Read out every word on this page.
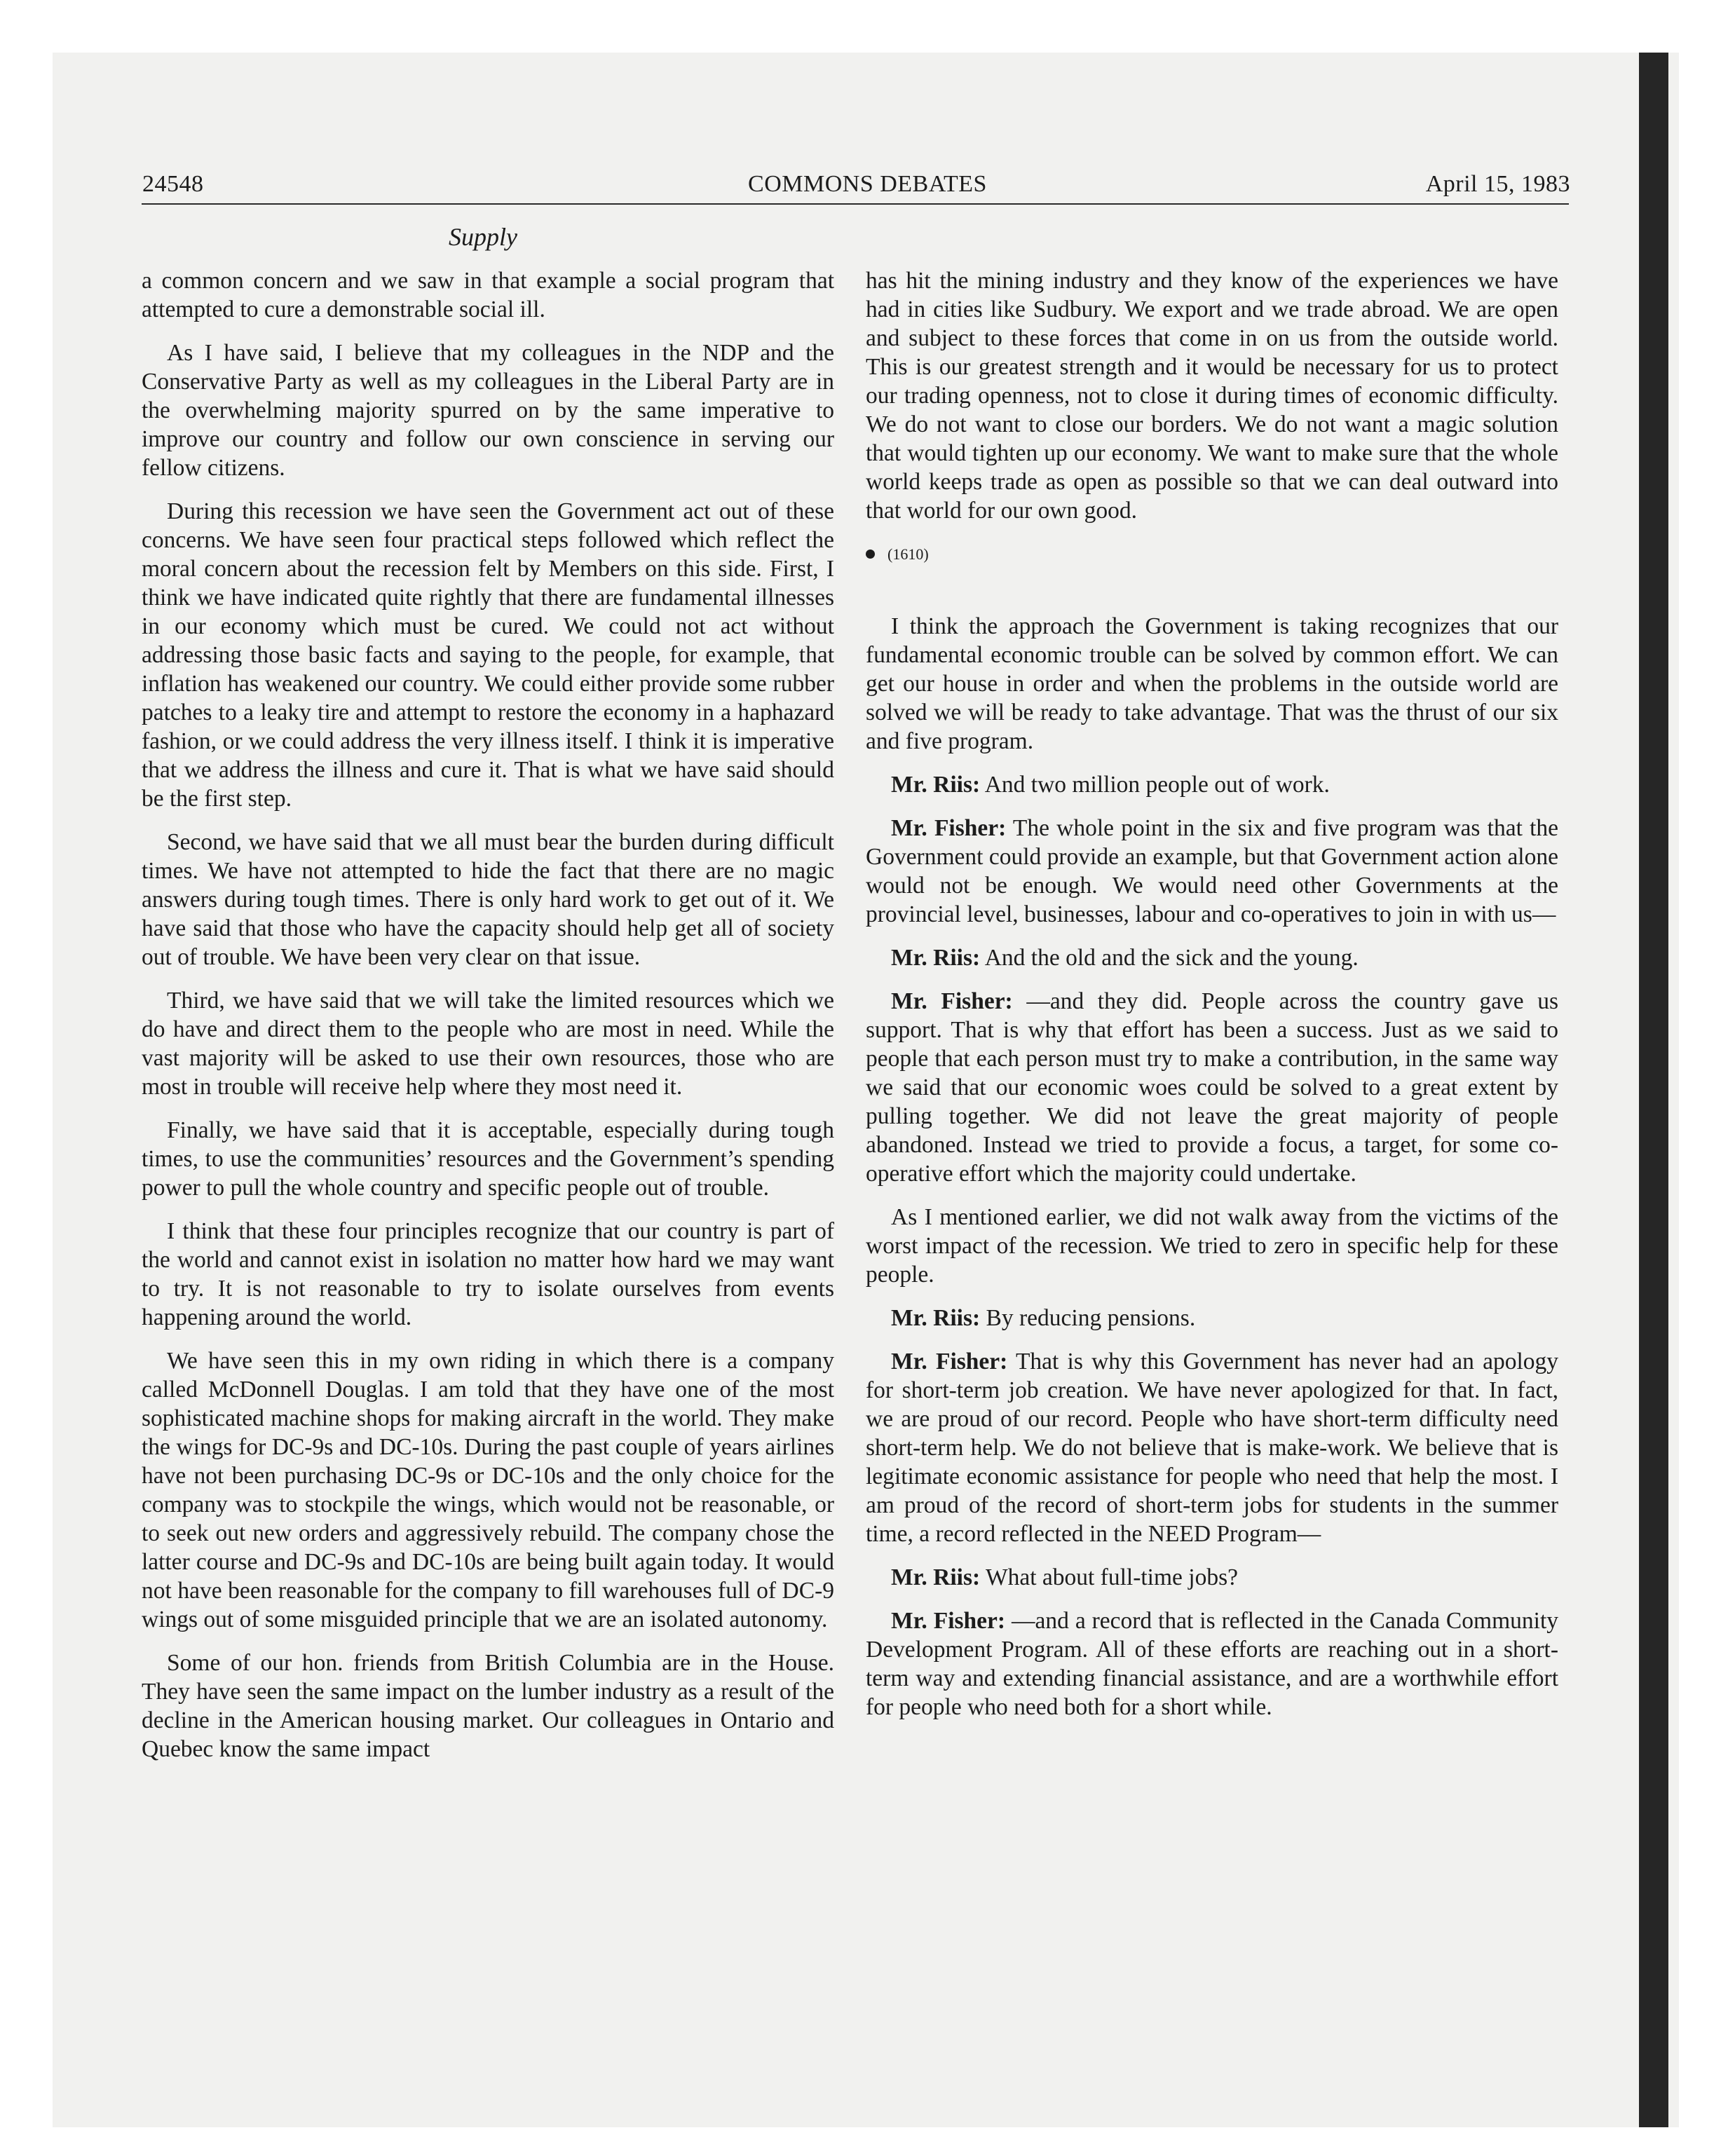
24548	COMMONS DEBATES	April 15, 1983
Supply

a common concern and we saw in that example a social program that attempted to cure a demonstrable social ill.

As I have said, I believe that my colleagues in the NDP and the Conservative Party as well as my colleagues in the Liberal Party are in the overwhelming majority spurred on by the same imperative to improve our country and follow our own conscience in serving our fellow citizens.

During this recession we have seen the Government act out of these concerns. We have seen four practical steps followed which reflect the moral concern about the recession felt by Members on this side. First, I think we have indicated quite rightly that there are fundamental illnesses in our economy which must be cured. We could not act without addressing those basic facts and saying to the people, for example, that inflation has weakened our country. We could either provide some rubber patches to a leaky tire and attempt to restore the economy in a haphazard fashion, or we could address the very illness itself. I think it is imperative that we address the illness and cure it. That is what we have said should be the first step.

Second, we have said that we all must bear the burden during difficult times. We have not attempted to hide the fact that there are no magic answers during tough times. There is only hard work to get out of it. We have said that those who have the capacity should help get all of society out of trouble. We have been very clear on that issue.

Third, we have said that we will take the limited resources which we do have and direct them to the people who are most in need. While the vast majority will be asked to use their own resources, those who are most in trouble will receive help where they most need it.

Finally, we have said that it is acceptable, especially during tough times, to use the communities’ resources and the Government’s spending power to pull the whole country and specific people out of trouble.

I think that these four principles recognize that our country is part of the world and cannot exist in isolation no matter how hard we may want to try. It is not reasonable to try to isolate ourselves from events happening around the world.

We have seen this in my own riding in which there is a company called McDonnell Douglas. I am told that they have one of the most sophisticated machine shops for making aircraft in the world. They make the wings for DC-9s and DC-10s. During the past couple of years airlines have not been purchasing DC-9s or DC-10s and the only choice for the company was to stockpile the wings, which would not be reasonable, or to seek out new orders and aggressively rebuild. The company chose the latter course and DC-9s and DC-10s are being built again today. It would not have been reasonable for the company to fill warehouses full of DC-9 wings out of some misguided principle that we are an isolated autonomy.

Some of our hon. friends from British Columbia are in the House. They have seen the same impact on the lumber industry as a result of the decline in the American housing market. Our colleagues in Ontario and Quebec know the same impact

has hit the mining industry and they know of the experiences we have had in cities like Sudbury. We export and we trade abroad. We are open and subject to these forces that come in on us from the outside world. This is our greatest strength and it would be necessary for us to protect our trading openness, not to close it during times of economic difficulty. We do not want to close our borders. We do not want a magic solution that would tighten up our economy. We want to make sure that the whole world keeps trade as open as possible so that we can deal outward into that world for our own good.

(1610)

I think the approach the Government is taking recognizes that our fundamental economic trouble can be solved by common effort. We can get our house in order and when the problems in the outside world are solved we will be ready to take advantage. That was the thrust of our six and five program.

Mr. Riis: And two million people out of work.

Mr. Fisher: The whole point in the six and five program was that the Government could provide an example, but that Government action alone would not be enough. We would need other Governments at the provincial level, businesses, labour and co-operatives to join in with us—

Mr. Riis: And the old and the sick and the young.

Mr. Fisher: —and they did. People across the country gave us support. That is why that effort has been a success. Just as we said to people that each person must try to make a contribution, in the same way we said that our economic woes could be solved to a great extent by pulling together. We did not leave the great majority of people abandoned. Instead we tried to provide a focus, a target, for some co-operative effort which the majority could undertake.

As I mentioned earlier, we did not walk away from the victims of the worst impact of the recession. We tried to zero in specific help for these people.

Mr. Riis: By reducing pensions.

Mr. Fisher: That is why this Government has never had an apology for short-term job creation. We have never apologized for that. In fact, we are proud of our record. People who have short-term difficulty need short-term help. We do not believe that is make-work. We believe that is legitimate economic assistance for people who need that help the most. I am proud of the record of short-term jobs for students in the summer time, a record reflected in the NEED Program—

Mr. Riis: What about full-time jobs?

Mr. Fisher: —and a record that is reflected in the Canada Community Development Program. All of these efforts are reaching out in a short-term way and extending financial assistance, and are a worthwhile effort for people who need both for a short while.
